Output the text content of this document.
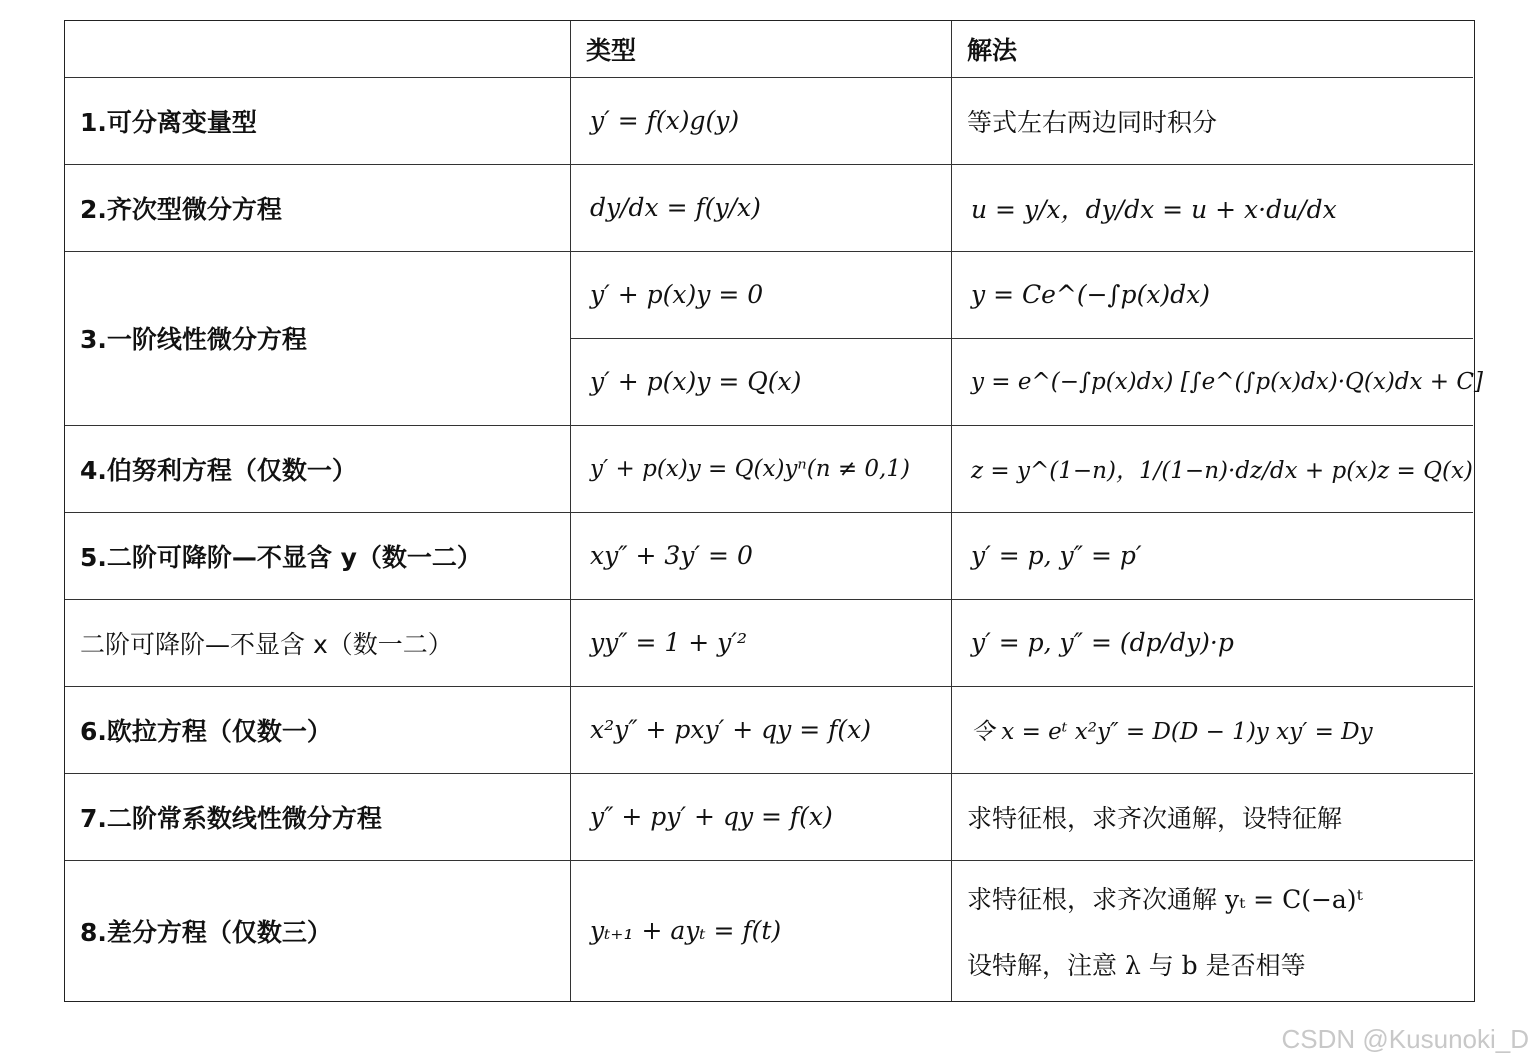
类型	解法
1.可分离变量型	y′ = f(x)g(y)	等式左右两边同时积分
2.齐次型微分方程	dy/dx = f(y/x)	u = y/x，dy/dx = u + x·du/dx
3.一阶线性微分方程
y′ + p(x)y = 0	y = Ce^(−∫p(x)dx)
y′ + p(x)y = Q(x)	y = e^(−∫p(x)dx) [∫e^(∫p(x)dx)·Q(x)dx + C]
4.伯努利方程（仅数一）	y′ + p(x)y = Q(x)yⁿ(n ≠ 0,1)	z = y^(1−n)，1/(1−n)·dz/dx + p(x)z = Q(x)
5.二阶可降阶—不显含 y（数一二）	xy″ + 3y′ = 0	y′ = p, y″ = p′
二阶可降阶—不显含 x（数一二）	yy″ = 1 + y′²	y′ = p, y″ = (dp/dy)·p
6.欧拉方程（仅数一）	x²y″ + pxy′ + qy = f(x)	令 x = eᵗ x²y″ = D(D − 1)y xy′ = Dy
7.二阶常系数线性微分方程	y″ + py′ + qy = f(x)	求特征根，求齐次通解，设特征解
8.差分方程（仅数三）	yₜ₊₁ + ayₜ = f(t)
求特征根，求齐次通解 yₜ = C(−a)ᵗ
设特解，注意 λ 与 b 是否相等
CSDN @Kusunoki_D
